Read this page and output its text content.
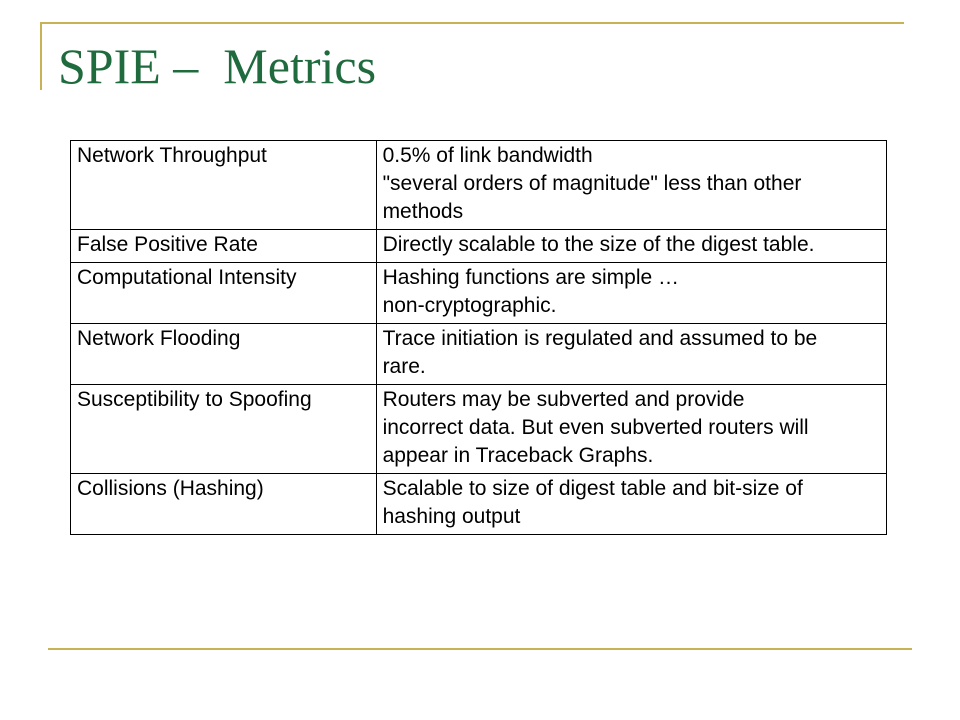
SPIE –  Metrics
Network Throughput	0.5% of link bandwidth
"several orders of magnitude" less than other
methods

False Positive Rate	Directly scalable to the size of the digest table.

Computational Intensity	Hashing functions are simple …
non-cryptographic.

Network Flooding	Trace initiation is regulated and assumed to be
rare.

Susceptibility to Spoofing	Routers may be subverted and provide
incorrect data. But even subverted routers will
appear in Traceback Graphs.

Collisions (Hashing)	Scalable to size of digest table and bit-size of
hashing output
